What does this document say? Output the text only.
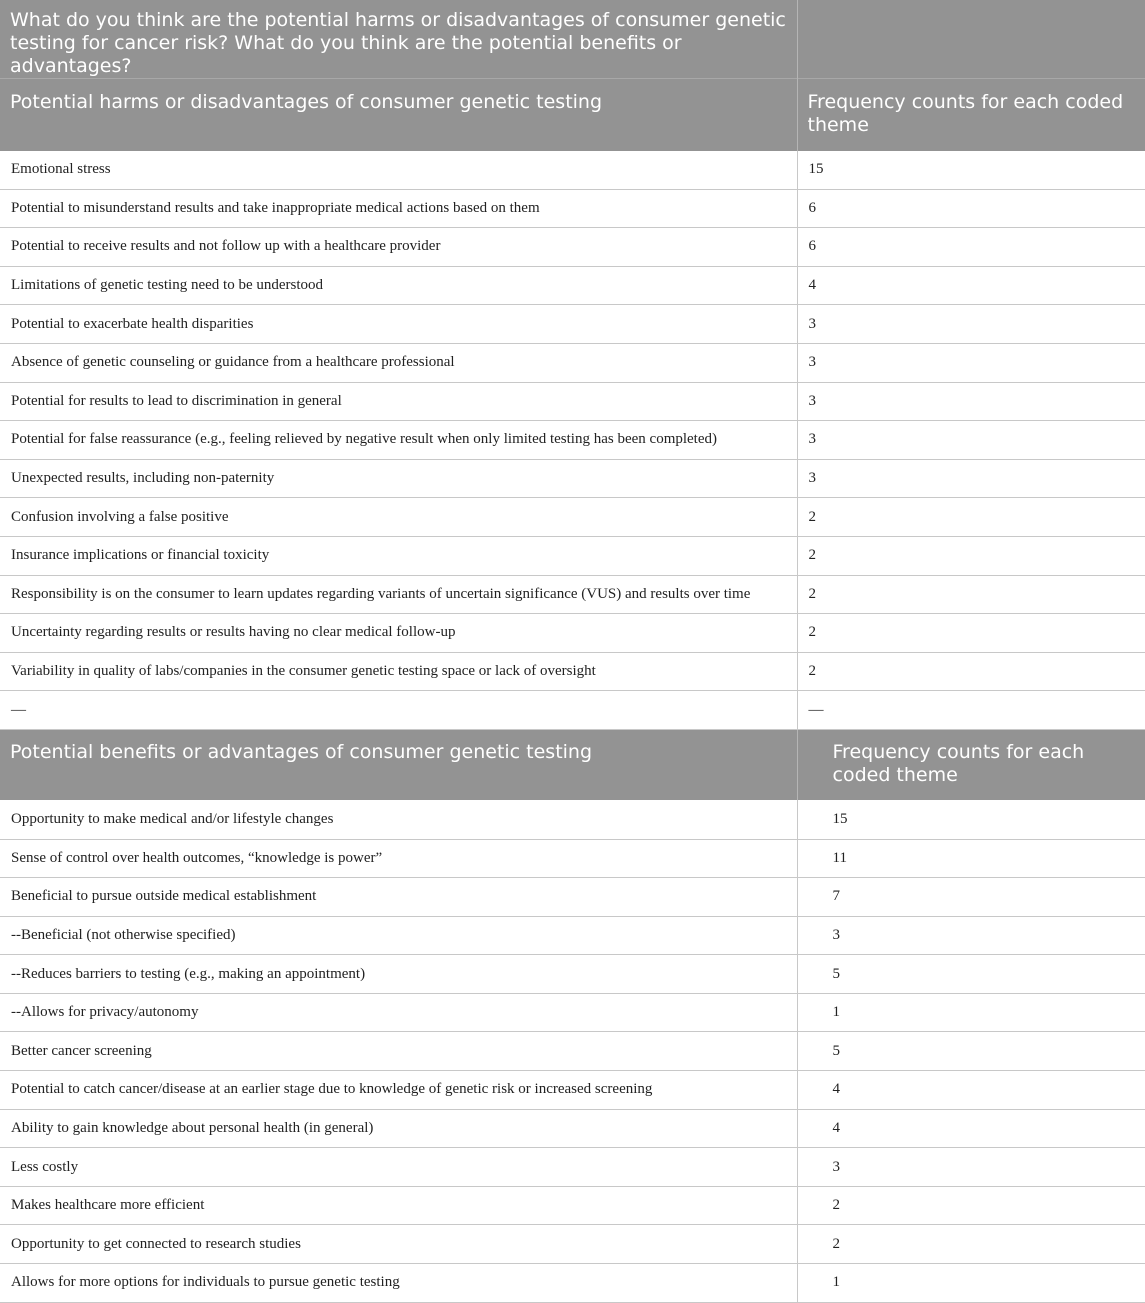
What do you think are the potential harms or disadvantages of consumer genetic testing for cancer risk? What do you think are the potential benefits or advantages?	
Potential harms or disadvantages of consumer genetic testing	Frequency counts for each coded theme
Emotional stress	15
Potential to misunderstand results and take inappropriate medical actions based on them	6
Potential to receive results and not follow up with a healthcare provider	6
Limitations of genetic testing need to be understood	4
Potential to exacerbate health disparities	3
Absence of genetic counseling or guidance from a healthcare professional	3
Potential for results to lead to discrimination in general	3
Potential for false reassurance (e.g., feeling relieved by negative result when only limited testing has been completed)	3
Unexpected results, including non-paternity	3
Confusion involving a false positive	2
Insurance implications or financial toxicity	2
Responsibility is on the consumer to learn updates regarding variants of uncertain significance (VUS) and results over time	2
Uncertainty regarding results or results having no clear medical follow-up	2
Variability in quality of labs/companies in the consumer genetic testing space or lack of oversight	2
—	—
Potential benefits or advantages of consumer genetic testing	Frequency counts for each coded theme
Opportunity to make medical and/or lifestyle changes	15
Sense of control over health outcomes, “knowledge is power”	11
Beneficial to pursue outside medical establishment	7
--Beneficial (not otherwise specified)	3
--Reduces barriers to testing (e.g., making an appointment)	5
--Allows for privacy/autonomy	1
Better cancer screening	5
Potential to catch cancer/disease at an earlier stage due to knowledge of genetic risk or increased screening	4
Ability to gain knowledge about personal health (in general)	4
Less costly	3
Makes healthcare more efficient	2
Opportunity to get connected to research studies	2
Allows for more options for individuals to pursue genetic testing	1
